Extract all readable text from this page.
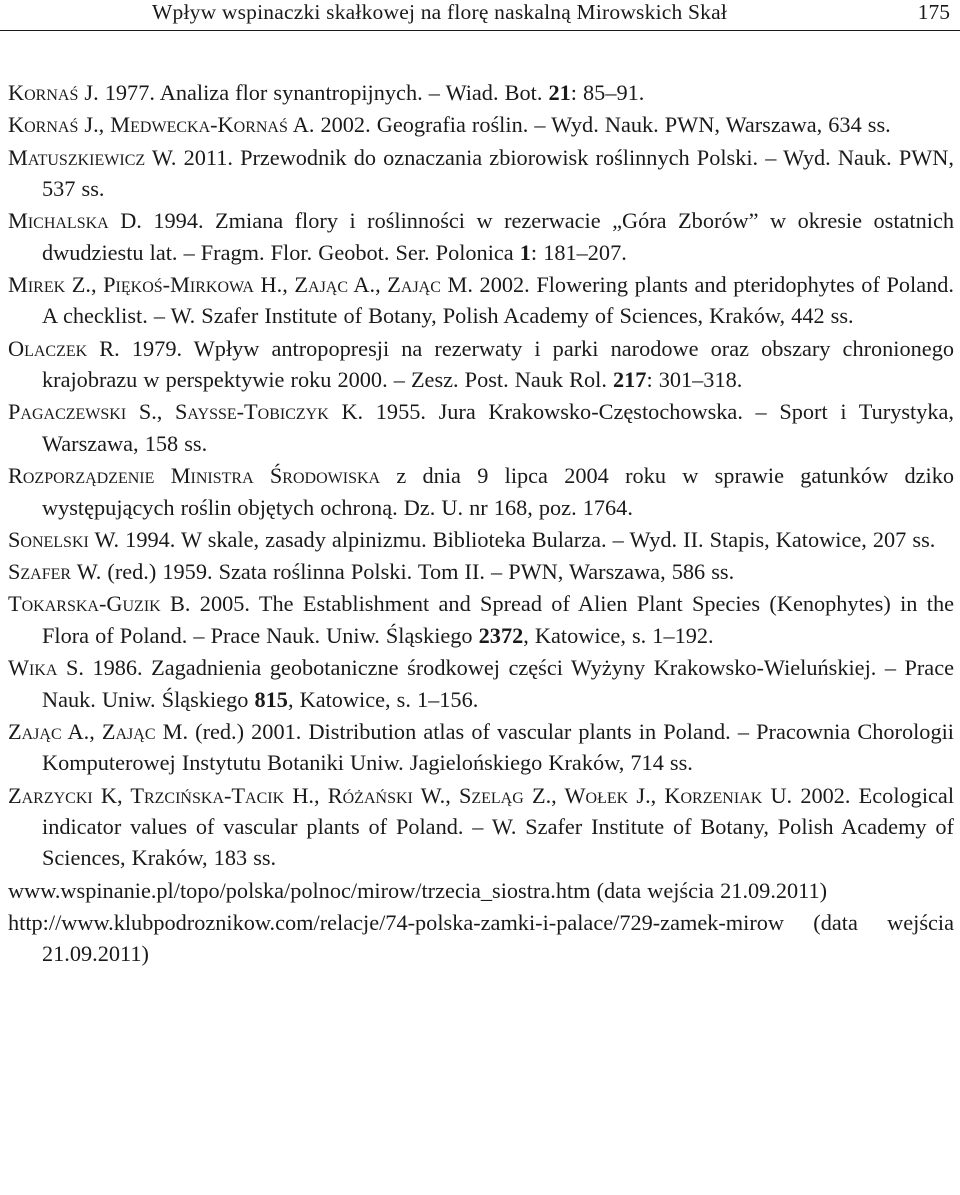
Wpływ wspinaczki skałkowej na florę naskalną Mirowskich Skał	175
Kornaś J. 1977. Analiza flor synantropijnych. – Wiad. Bot. 21: 85–91.
Kornaś J., Medwecka-Kornaś A. 2002. Geografia roślin. – Wyd. Nauk. PWN, Warszawa, 634 ss.
Matuszkiewicz W. 2011. Przewodnik do oznaczania zbiorowisk roślinnych Polski. – Wyd. Nauk. PWN, 537 ss.
Michalska D. 1994. Zmiana flory i roślinności w rezerwacie „Góra Zborów” w okresie ostatnich dwudziestu lat. – Fragm. Flor. Geobot. Ser. Polonica 1: 181–207.
Mirek Z., Piękoś-Mirkowa H., Zając A., Zając M. 2002. Flowering plants and pteridophytes of Poland. A checklist. – W. Szafer Institute of Botany, Polish Academy of Sciences, Kraków, 442 ss.
Olaczek R. 1979. Wpływ antropopresji na rezerwaty i parki narodowe oraz obszary chronionego krajobrazu w perspektywie roku 2000. – Zesz. Post. Nauk Rol. 217: 301–318.
Pagaczewski S., Saysse-Tobiczyk K. 1955. Jura Krakowsko-Częstochowska. – Sport i Turystyka, Warszawa, 158 ss.
Rozporządzenie Ministra Środowiska z dnia 9 lipca 2004 roku w sprawie gatunków dziko występujących roślin objętych ochroną. Dz. U. nr 168, poz. 1764.
Sonelski W. 1994. W skale, zasady alpinizmu. Biblioteka Bularza. – Wyd. II. Stapis, Katowice, 207 ss.
Szafer W. (red.) 1959. Szata roślinna Polski. Tom II. – PWN, Warszawa, 586 ss.
Tokarska-Guzik B. 2005. The Establishment and Spread of Alien Plant Species (Kenophytes) in the Flora of Poland. – Prace Nauk. Uniw. Śląskiego 2372, Katowice, s. 1–192.
Wika S. 1986. Zagadnienia geobotaniczne środkowej części Wyżyny Krakowsko-Wieluńskiej. – Prace Nauk. Uniw. Śląskiego 815, Katowice, s. 1–156.
Zając A., Zając M. (red.) 2001. Distribution atlas of vascular plants in Poland. – Pracownia Chorologii Komputerowej Instytutu Botaniki Uniw. Jagielońskiego Kraków, 714 ss.
Zarzycki K, Trzcińska-Tacik H., Różański W., Szeląg Z., Wołek J., Korzeniak U. 2002. Ecological indicator values of vascular plants of Poland. – W. Szafer Institute of Botany, Polish Academy of Sciences, Kraków, 183 ss.
www.wspinanie.pl/topo/polska/polnoc/mirow/trzecia_siostra.htm (data wejścia 21.09.2011)
http://www.klubpodroznikow.com/relacje/74-polska-zamki-i-palace/729-zamek-mirow (data wejścia 21.09.2011)
